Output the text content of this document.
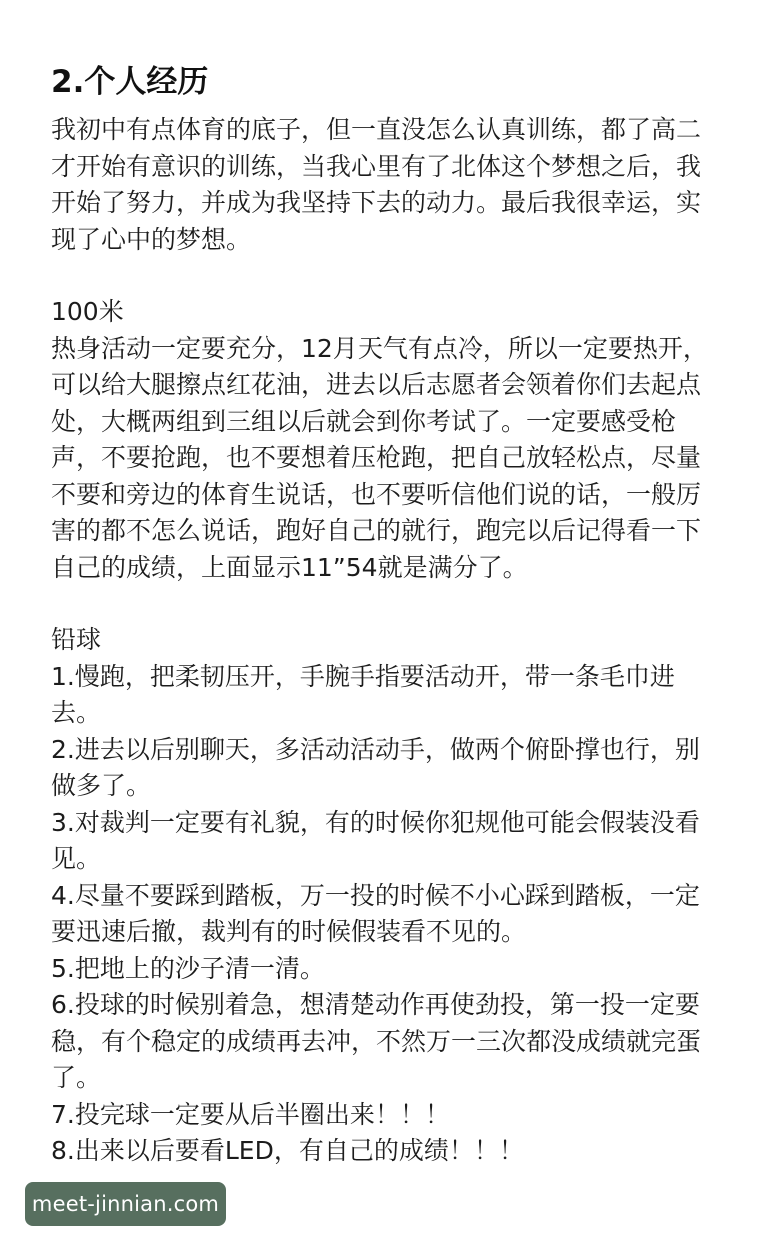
2.个人经历

我初中有点体育的底子，但一直没怎么认真训练，都了高二才开始有意识的训练，当我心里有了北体这个梦想之后，我开始了努力，并成为我坚持下去的动力。最后我很幸运，实现了心中的梦想。

100米

热身活动一定要充分，12月天气有点冷，所以一定要热开，可以给大腿擦点红花油，进去以后志愿者会领着你们去起点处，大概两组到三组以后就会到你考试了。一定要感受枪声，不要抢跑，也不要想着压枪跑，把自己放轻松点，尽量不要和旁边的体育生说话，也不要听信他们说的话，一般厉害的都不怎么说话，跑好自己的就行，跑完以后记得看一下自己的成绩，上面显示11”54就是满分了。

铅球

1.慢跑，把柔韧压开，手腕手指要活动开，带一条毛巾进去。
2.进去以后别聊天，多活动活动手，做两个俯卧撑也行，别做多了。
3.对裁判一定要有礼貌，有的时候你犯规他可能会假装没看见。
4.尽量不要踩到踏板，万一投的时候不小心踩到踏板，一定要迅速后撤，裁判有的时候假装看不见的。
5.把地上的沙子清一清。
6.投球的时候别着急，想清楚动作再使劲投，第一投一定要稳，有个稳定的成绩再去冲，不然万一三次都没成绩就完蛋了。
7.投完球一定要从后半圈出来！！！
8.出来以后要看LED，有自己的成绩！！！
meet-jinnian.com
